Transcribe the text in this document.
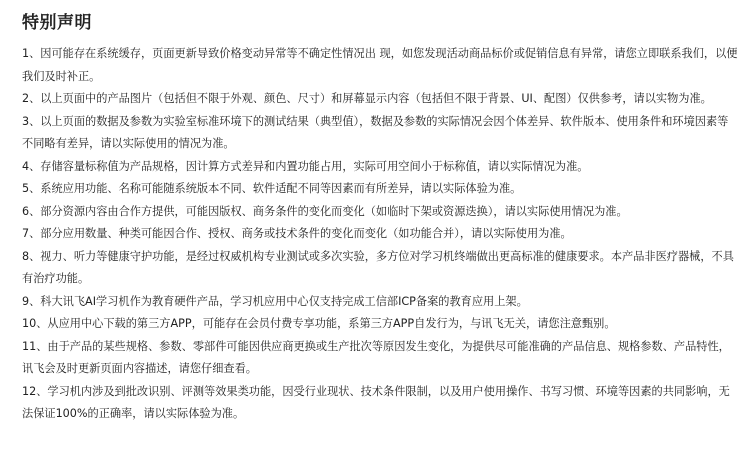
特别声明

1、因可能存在系统缓存，页面更新导致价格变动异常等不确定性情况出 现，如您发现活动商品标价或促销信息有异常，请您立即联系我们，以便我们及时补正。

2、以上页面中的产品图片（包括但不限于外观、颜色、尺寸）和屏幕显示内容（包括但不限于背景、UI、配图）仅供参考，请以实物为准。

3、以上页面的数据及参数为实验室标准环境下的测试结果（典型值），数据及参数的实际情况会因个体差异、软件版本、使用条件和环境因素等不同略有差异，请以实际使用的情况为准。

4、存储容量标称值为产品规格，因计算方式差异和内置功能占用，实际可用空间小于标称值，请以实际情况为准。

5、系统应用功能、名称可能随系统版本不同、软件适配不同等因素而有所差异，请以实际体验为准。

6、部分资源内容由合作方提供，可能因版权、商务条件的变化而变化（如临时下架或资源迭换），请以实际使用情况为准。

7、部分应用数量、种类可能因合作、授权、商务或技术条件的变化而变化（如功能合并），请以实际使用为准。

8、视力、听力等健康守护功能，是经过权威机构专业测试或多次实验，多方位对学习机终端做出更高标准的健康要求。本产品非医疗器械，不具有治疗功能。

9、科大讯飞AI学习机作为教育硬件产品，学习机应用中心仅支持完成工信部ICP备案的教育应用上架。

10、从应用中心下载的第三方APP，可能存在会员付费专享功能，系第三方APP自发行为，与讯飞无关，请您注意甄别。

11、由于产品的某些规格、参数、零部件可能因供应商更换或生产批次等原因发生变化，为提供尽可能准确的产品信息、规格参数、产品特性，讯飞会及时更新页面内容描述，请您仔细查看。

12、学习机内涉及到批改识别、评测等效果类功能，因受行业现状、技术条件限制，以及用户使用操作、书写习惯、环境等因素的共同影响，无法保证100%的正确率，请以实际体验为准。
